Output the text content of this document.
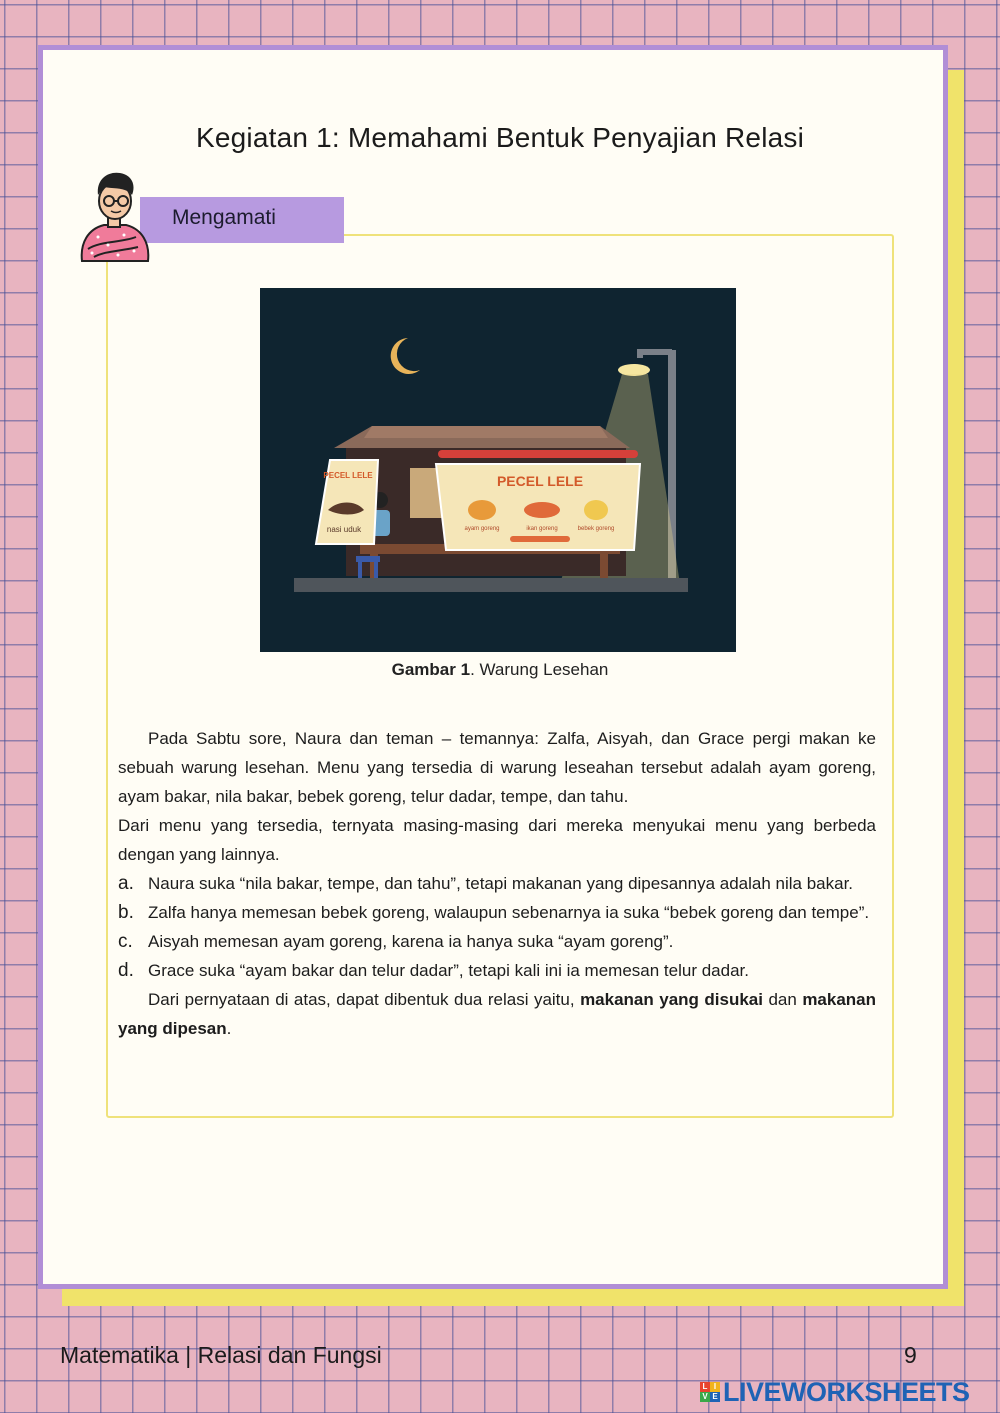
Kegiatan 1: Memahami Bentuk Penyajian Relasi
Mengamati
PECEL LELE
nasi uduk
PECEL LELE
ayam goreng	ikan goreng	bebek goreng
Gambar 1. Warung Lesehan

Pada Sabtu sore, Naura dan teman – temannya: Zalfa, Aisyah, dan Grace pergi makan ke sebuah warung lesehan. Menu yang tersedia di warung leseahan tersebut adalah ayam goreng, ayam bakar, nila bakar, bebek goreng, telur dadar, tempe, dan tahu.

Dari menu yang tersedia, ternyata masing-masing dari mereka menyukai menu yang berbeda dengan yang lainnya.

a. Naura suka “nila bakar, tempe, dan tahu”, tetapi makanan yang dipesannya adalah nila bakar.
b. Zalfa hanya memesan bebek goreng, walaupun sebenarnya ia suka “bebek goreng dan tempe”.
c. Aisyah memesan ayam goreng, karena ia hanya suka “ayam goreng”.
d. Grace suka “ayam bakar dan telur dadar”, tetapi kali ini ia memesan telur dadar.

Dari pernyataan di atas, dapat dibentuk dua relasi yaitu, makanan yang disukai dan makanan yang dipesan.

Matematika | Relasi dan Fungsi	9
L I
V E LIVEWORKSHEETS
